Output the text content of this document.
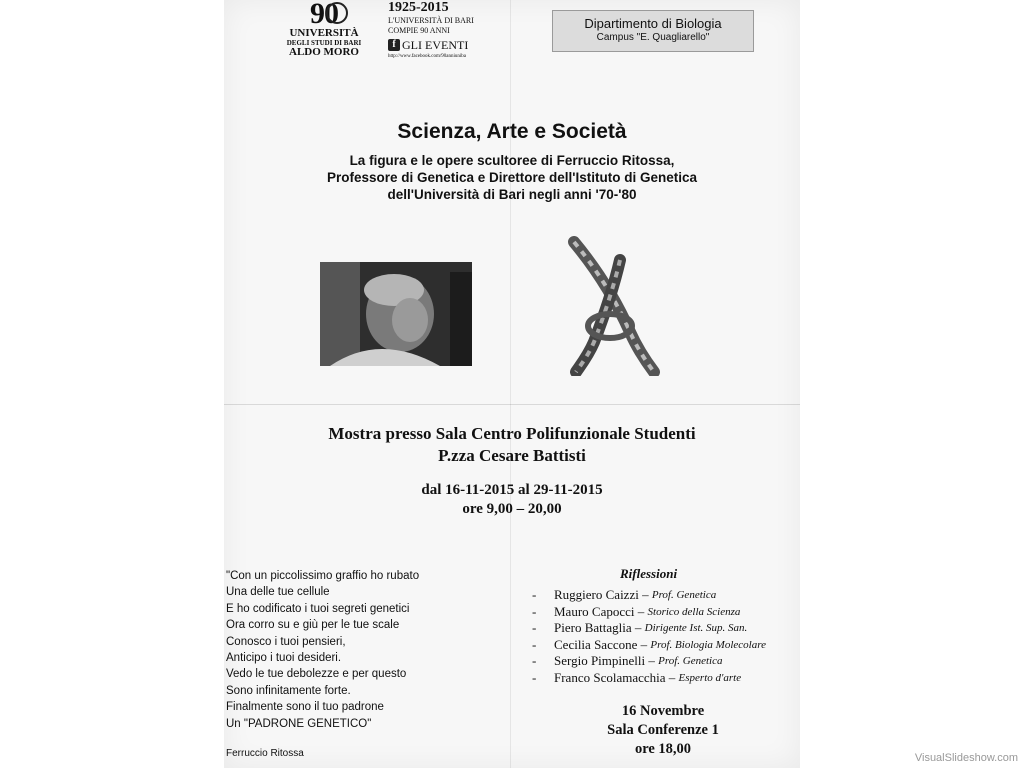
90
UNIVERSITÀ
DEGLI STUDI DI BARI
ALDO MORO
1925-2015
L'UNIVERSITÀ DI BARI
COMPIE 90 ANNI
f GLI EVENTI
http://www.facebook.com/90anniuniba
Dipartimento di Biologia
Campus "E. Quagliarello"
Scienza, Arte e Società
La figura e le opere scultoree di Ferruccio Ritossa,
Professore di Genetica e Direttore dell'Istituto di Genetica
dell'Università di Bari negli anni '70-'80
Mostra presso Sala Centro Polifunzionale Studenti
P.zza Cesare Battisti
dal 16-11-2015 al 29-11-2015
ore 9,00 – 20,00
"Con un piccolissimo graffio ho rubato
Una delle tue cellule
E ho codificato i tuoi segreti genetici
Ora corro su e giù per le tue scale
Conosco i tuoi pensieri,
Anticipo i tuoi desideri.
Vedo le tue debolezze e per questo
Sono infinitamente forte.
Finalmente sono il tuo padrone
Un "PADRONE GENETICO"
Ferruccio Ritossa
Riflessioni
-	Ruggiero Caizzi – Prof. Genetica
-	Mauro Capocci – Storico della Scienza
-	Piero Battaglia – Dirigente Ist. Sup. San.
-	Cecilia Saccone – Prof. Biologia Molecolare
-	Sergio Pimpinelli – Prof. Genetica
-	Franco Scolamacchia – Esperto d'arte
16 Novembre
Sala Conferenze 1
ore 18,00
VisualSlideshow.com
